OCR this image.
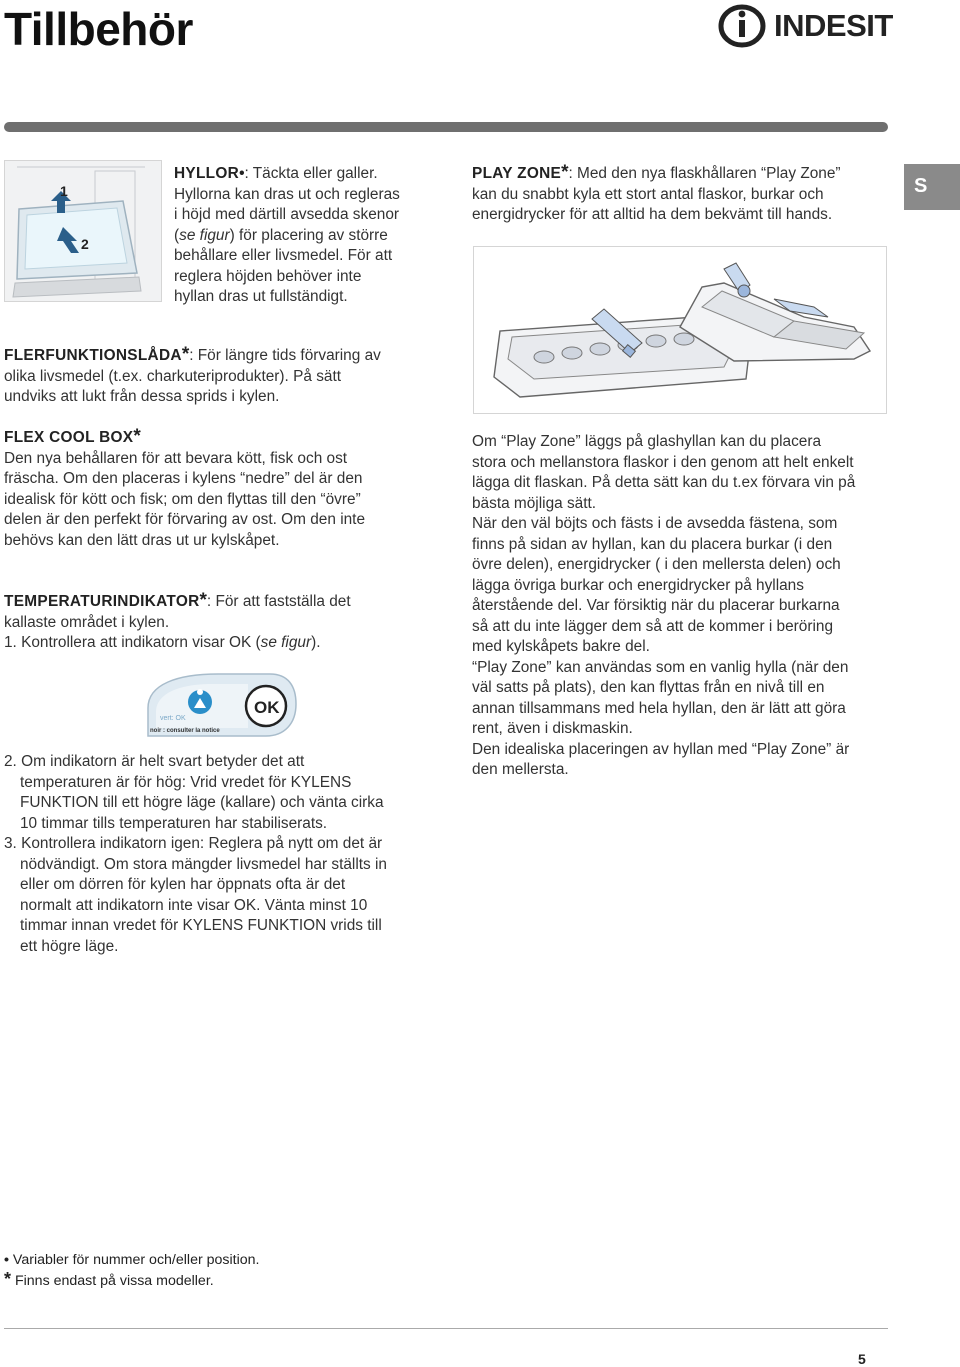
Tillbehör	INDESIT
S
1
2
HYLLOR•: Täckta eller galler.
Hyllorna kan dras ut och regleras
i höjd med därtill avsedda skenor
(se figur) för placering av större
behållare eller livsmedel. För att
reglera höjden behöver inte
hyllan dras ut fullständigt.
PLAY ZONE*: Med den nya flaskhållaren “Play Zone”
kan du snabbt kyla ett stort antal flaskor, burkar och
energidrycker för att alltid ha dem bekvämt till hands.
FLERFUNKTIONSLÅDA*: För längre tids förvaring av
olika livsmedel (t.ex. charkuteriprodukter). På sätt
undviks att lukt från dessa sprids i kylen.
FLEX COOL BOX*
Den nya behållaren för att bevara kött, fisk och ost
fräscha. Om den placeras i kylens “nedre” del är den
idealisk för kött och fisk; om den flyttas till den “övre”
delen är den perfekt för förvaring av ost. Om den inte
behövs kan den lätt dras ut ur kylskåpet.
TEMPERATURINDIKATOR*: För att fastställa det
kallaste området i kylen.
1. Kontrollera att indikatorn visar OK (se figur).
OK
vert: OK
noir : consulter la notice
2. Om indikatorn är helt svart betyder det att
temperaturen är för hög: Vrid vredet för KYLENS
FUNKTION till ett högre läge (kallare) och vänta cirka
10 timmar tills temperaturen har stabiliserats.
3. Kontrollera indikatorn igen: Reglera på nytt om det är
nödvändigt. Om stora mängder livsmedel har ställts in
eller om dörren för kylen har öppnats ofta är det
normalt att indikatorn inte visar OK. Vänta minst 10
timmar innan vredet för KYLENS FUNKTION vrids till
ett högre läge.
Om “Play Zone” läggs på glashyllan kan du placera
stora och mellanstora flaskor i den genom att helt enkelt
lägga dit flaskan. På detta sätt kan du t.ex förvara vin på
bästa möjliga sätt.
När den väl böjts och fästs i de avsedda fästena, som
finns på sidan av hyllan, kan du placera burkar (i den
övre delen), energidrycker ( i den mellersta delen) och
lägga övriga burkar och energidrycker på hyllans
återstående del. Var försiktig när du placerar burkarna
så att du inte lägger dem så att de kommer i beröring
med kylskåpets bakre del.
“Play Zone” kan användas som en vanlig hylla (när den
väl satts på plats), den kan flyttas från en nivå till en
annan tillsammans med hela hyllan, den är lätt att göra
rent, även i diskmaskin.
Den idealiska placeringen av hyllan med “Play Zone” är
den mellersta.
• Variabler för nummer och/eller position.
* Finns endast på vissa modeller.
5
